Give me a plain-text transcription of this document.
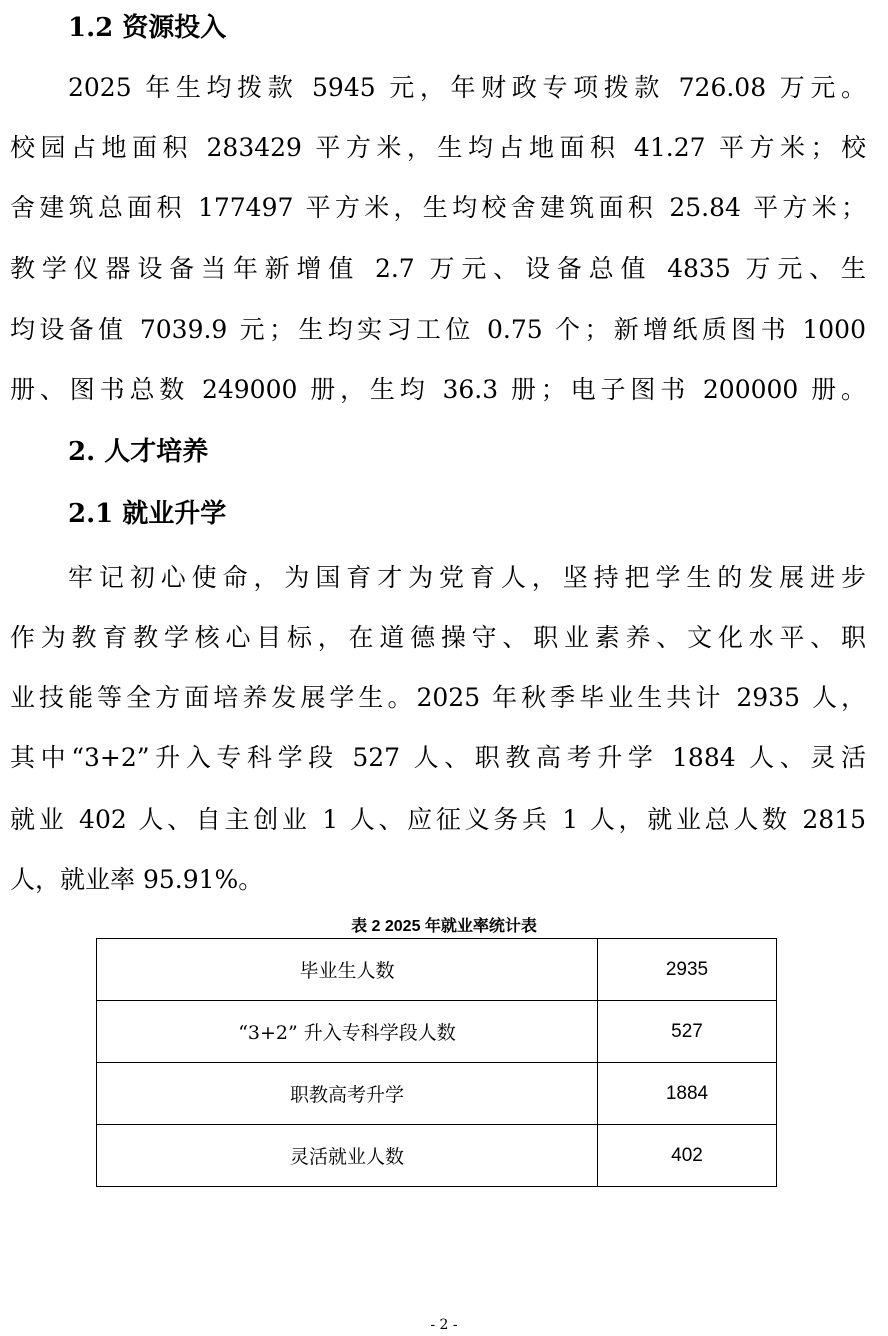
1.2 资源投入
2025 年生均拨款 5945 元，年财政专项拨款 726.08 万元。
校园占地面积 283429 平方米，生均占地面积 41.27 平方米；校
舍建筑总面积 177497 平方米，生均校舍建筑面积 25.84 平方米；
教学仪器设备当年新增值 2.7 万元、设备总值 4835 万元、生
均设备值 7039.9 元；生均实习工位 0.75 个；新增纸质图书 1000
册、图书总数 249000 册，生均 36.3 册；电子图书 200000 册。
2. 人才培养
2.1 就业升学
牢记初心使命，为国育才为党育人，坚持把学生的发展进步
作为教育教学核心目标，在道德操守、职业素养、文化水平、职
业技能等全方面培养发展学生。2025 年秋季毕业生共计 2935 人，
其中“3+2”升入专科学段 527 人、职教高考升学 1884 人、灵活
就业 402 人、自主创业 1 人、应征义务兵 1 人，就业总人数 2815
人，就业率 95.91%。
表 2 2025 年就业率统计表
毕业生人数	2935
“3+2” 升入专科学段人数	527
职教高考升学	1884
灵活就业人数	402
- 2 -
